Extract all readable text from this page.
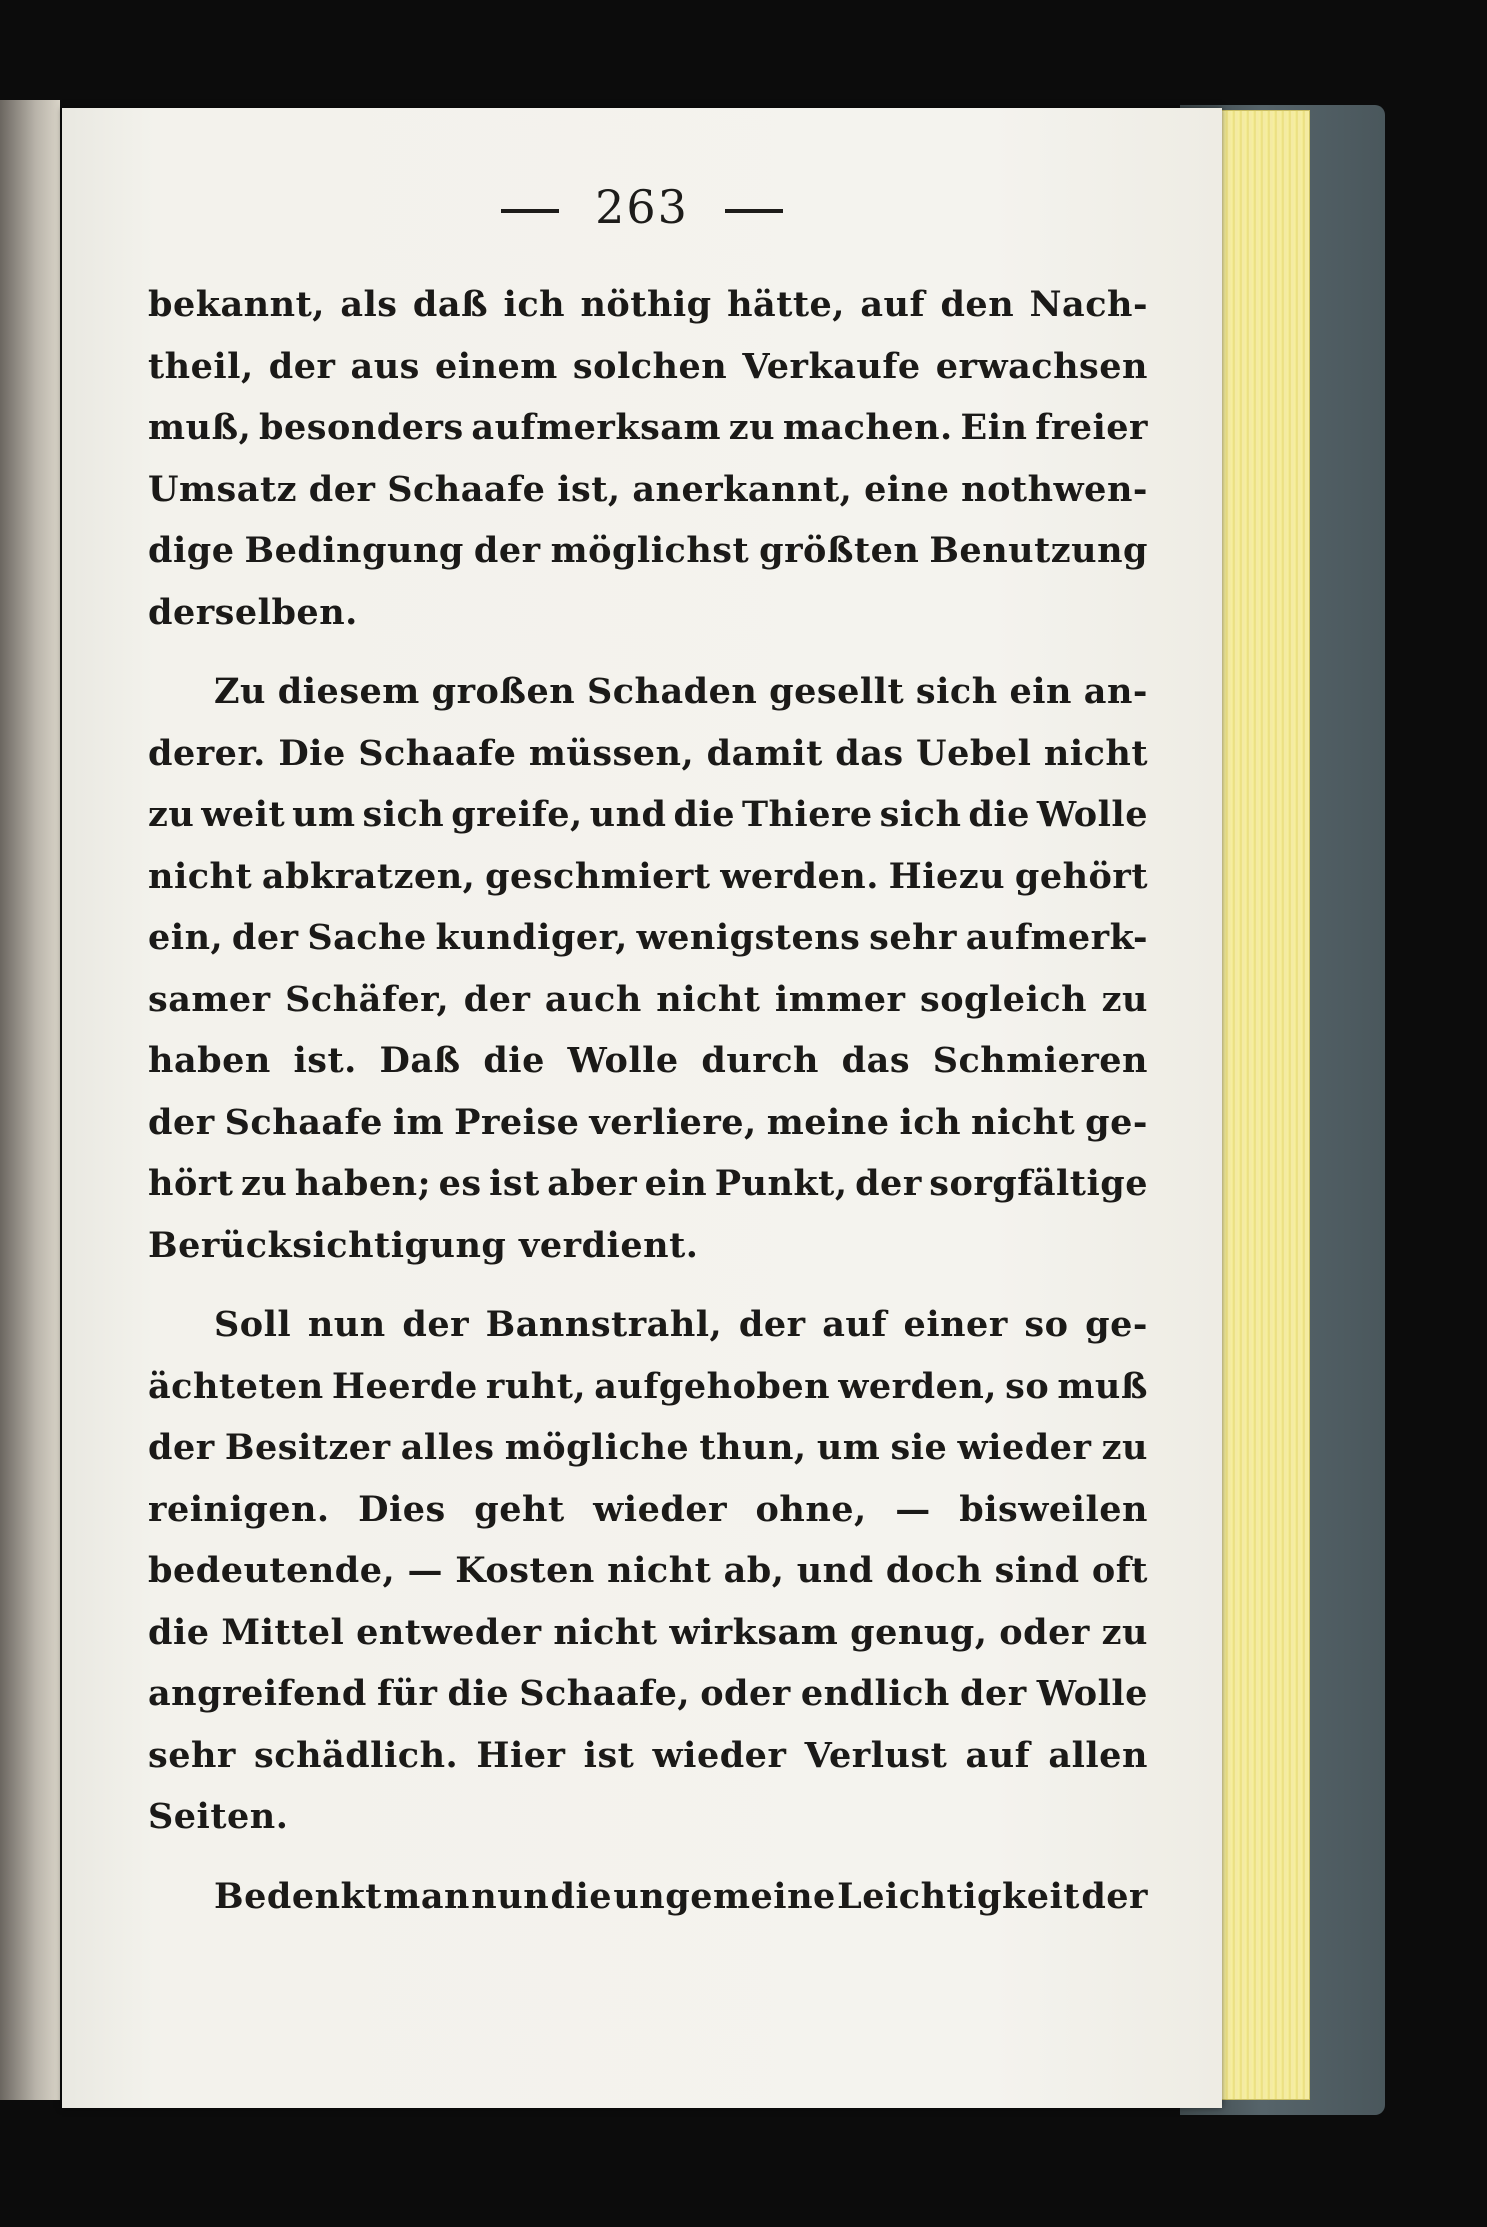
263
bekannt, als daß ich nöthig hätte, auf den Nach-
theil, der aus einem solchen Verkaufe erwachsen
muß, besonders aufmerksam zu machen. Ein freier
Umsatz der Schaafe ist, anerkannt, eine nothwen-
dige Bedingung der möglichst größten Benutzung
derselben.
Zu diesem großen Schaden gesellt sich ein an-
derer. Die Schaafe müssen, damit das Uebel nicht
zu weit um sich greife, und die Thiere sich die Wolle
nicht abkratzen, geschmiert werden. Hiezu gehört
ein, der Sache kundiger, wenigstens sehr aufmerk-
samer Schäfer, der auch nicht immer sogleich zu
haben ist. Daß die Wolle durch das Schmieren
der Schaafe im Preise verliere, meine ich nicht ge-
hört zu haben; es ist aber ein Punkt, der sorgfältige
Berücksichtigung verdient.
Soll nun der Bannstrahl, der auf einer so ge-
ächteten Heerde ruht, aufgehoben werden, so muß
der Besitzer alles mögliche thun, um sie wieder zu
reinigen. Dies geht wieder ohne, — bisweilen
bedeutende, — Kosten nicht ab, und doch sind oft
die Mittel entweder nicht wirksam genug, oder zu
angreifend für die Schaafe, oder endlich der Wolle
sehr schädlich. Hier ist wieder Verlust auf allen
Seiten.
Bedenkt man nun die ungemeine Leichtigkeit der
